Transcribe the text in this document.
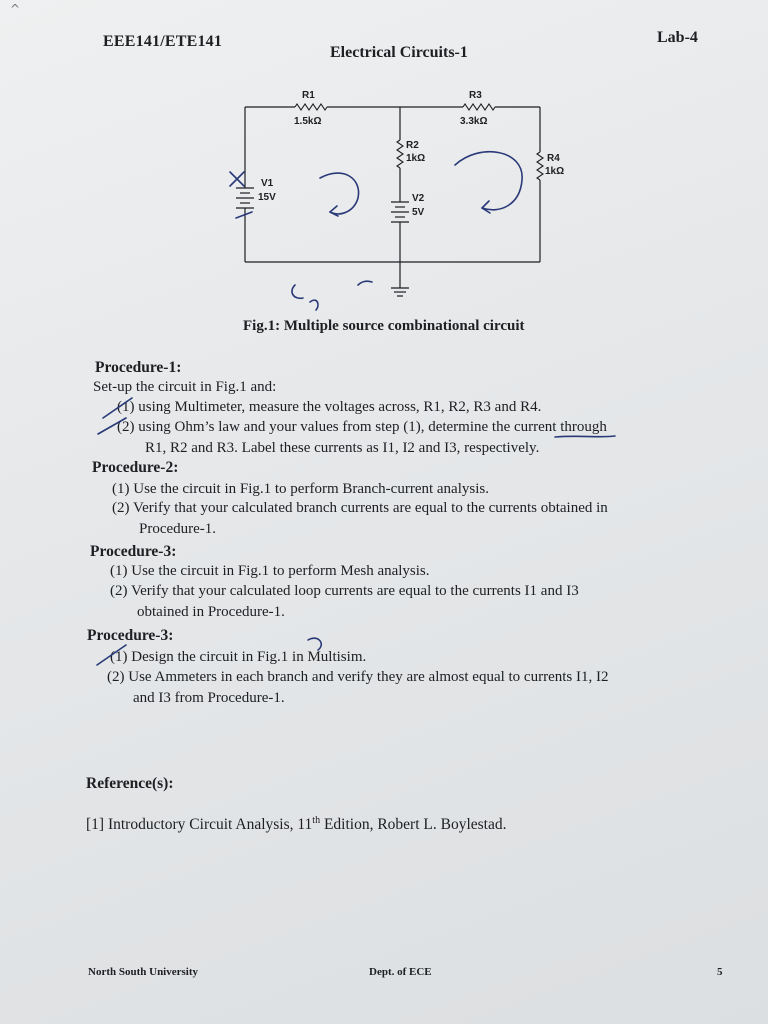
^
EEE141/ETE141
Electrical Circuits-1
Lab-4
R1
1.5kΩ
R3
3.3kΩ
R2
1kΩ	R4
1kΩ
V1
15V	V2
5V
Fig.1: Multiple source combinational circuit
Procedure-1:
Set-up the circuit in Fig.1 and:
(1) using Multimeter, measure the voltages across, R1, R2, R3 and R4.
(2) using Ohm’s law and your values from step (1), determine the current through
R1, R2 and R3. Label these currents as I1, I2 and I3, respectively.
Procedure-2:
(1) Use the circuit in Fig.1 to perform Branch-current analysis.
(2) Verify that your calculated branch currents are equal to the currents obtained in
Procedure-1.
Procedure-3:
(1) Use the circuit in Fig.1 to perform Mesh analysis.
(2) Verify that your calculated loop currents are equal to the currents I1 and I3
obtained in Procedure-1.
Procedure-3:
(1) Design the circuit in Fig.1 in Multisim.
(2) Use Ammeters in each branch and verify they are almost equal to currents I1, I2
and I3 from Procedure-1.
Reference(s):
[1] Introductory Circuit Analysis, 11th Edition, Robert L. Boylestad.
North South University	Dept. of ECE	5
